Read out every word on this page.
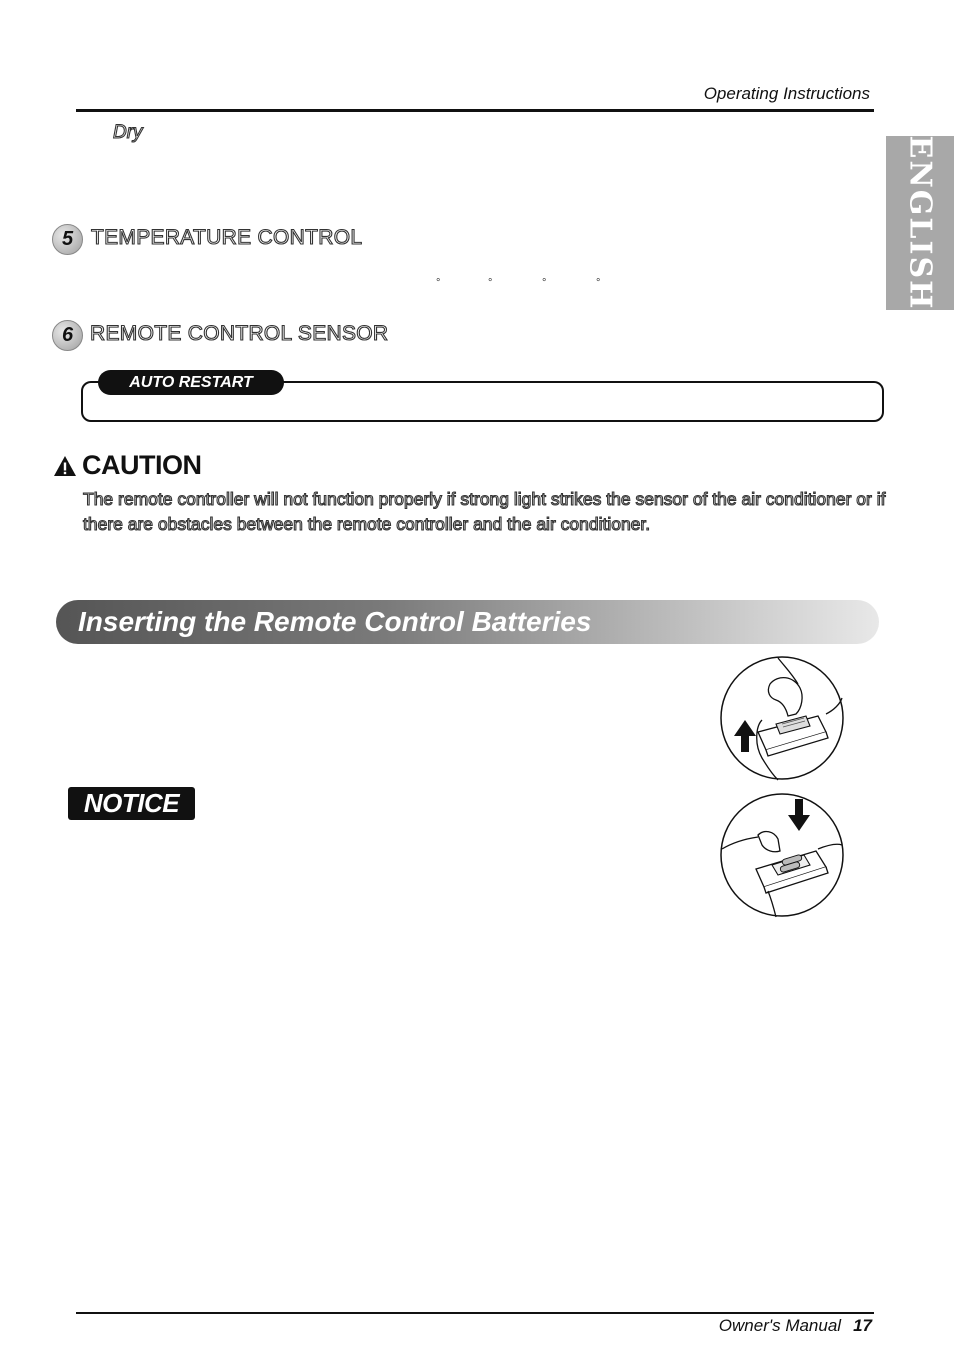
Operating Instructions
ENGLISH
Dry
5 TEMPERATURE CONTROL
°	°	°	°
6 REMOTE CONTROL SENSOR
AUTO RESTART
CAUTION
The remote controller will not function properly if strong light strikes the sensor of the air conditioner or if there are obstacles between the remote controller and the air conditioner.
Inserting the Remote Control Batteries
NOTICE
Owner's Manual 17
